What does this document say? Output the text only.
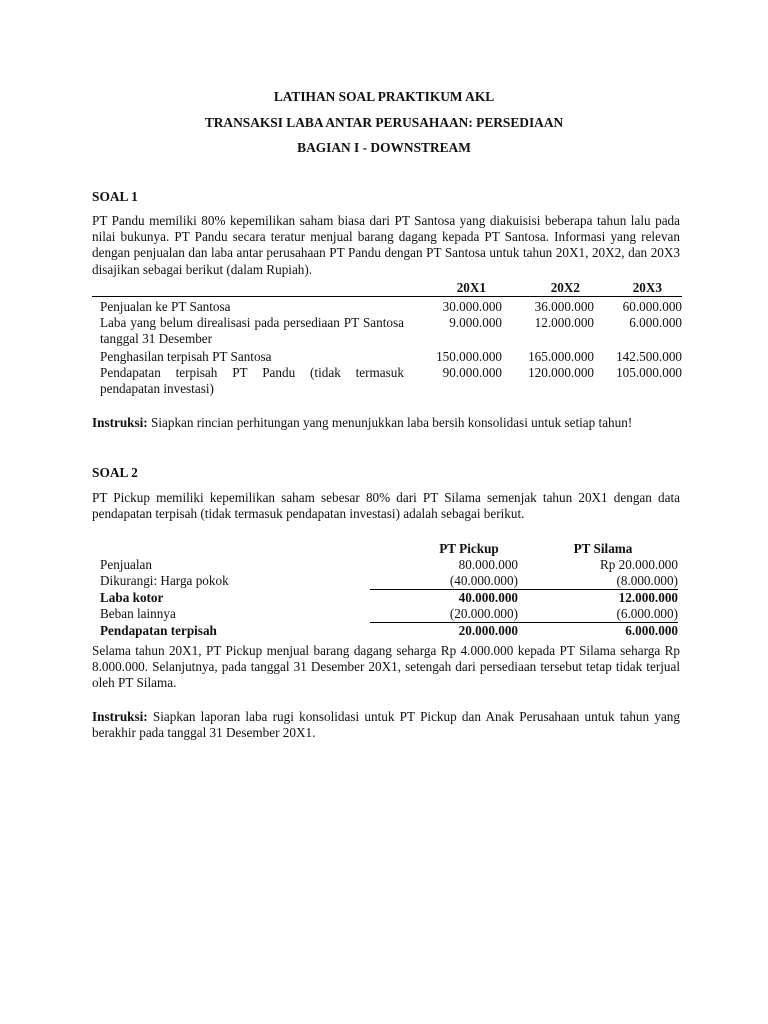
LATIHAN SOAL PRAKTIKUM AKL
TRANSAKSI LABA ANTAR PERUSAHAAN: PERSEDIAAN
BAGIAN I - DOWNSTREAM
SOAL 1
PT Pandu memiliki 80% kepemilikan saham biasa dari PT Santosa yang diakuisisi beberapa tahun lalu pada nilai bukunya. PT Pandu secara teratur menjual barang dagang kepada PT Santosa. Informasi yang relevan dengan penjualan dan laba antar perusahaan PT Pandu dengan PT Santosa untuk tahun 20X1, 20X2, dan 20X3 disajikan sebagai berikut (dalam Rupiah).
	20X1	20X2	20X3
Penjualan ke PT Santosa	30.000.000	36.000.000	60.000.000
Laba yang belum direalisasi pada persediaan PT Santosa tanggal 31 Desember	9.000.000	12.000.000	6.000.000
Penghasilan terpisah PT Santosa	150.000.000	165.000.000	142.500.000
Pendapatan terpisah PT Pandu (tidak termasuk pendapatan investasi)	90.000.000	120.000.000	105.000.000
Instruksi: Siapkan rincian perhitungan yang menunjukkan laba bersih konsolidasi untuk setiap tahun!
SOAL 2
PT Pickup memiliki kepemilikan saham sebesar 80% dari PT Silama semenjak tahun 20X1 dengan data pendapatan terpisah (tidak termasuk pendapatan investasi) adalah sebagai berikut.
	PT Pickup	PT Silama
Penjualan	80.000.000	Rp 20.000.000
Dikurangi: Harga pokok	(40.000.000)	(8.000.000)
Laba kotor	40.000.000	12.000.000
Beban lainnya	(20.000.000)	(6.000.000)
Pendapatan terpisah	20.000.000	6.000.000
Selama tahun 20X1, PT Pickup menjual barang dagang seharga Rp 4.000.000 kepada PT Silama seharga Rp 8.000.000. Selanjutnya, pada tanggal 31 Desember 20X1, setengah dari persediaan tersebut tetap tidak terjual oleh PT Silama.
Instruksi: Siapkan laporan laba rugi konsolidasi untuk PT Pickup dan Anak Perusahaan untuk tahun yang berakhir pada tanggal 31 Desember 20X1.
